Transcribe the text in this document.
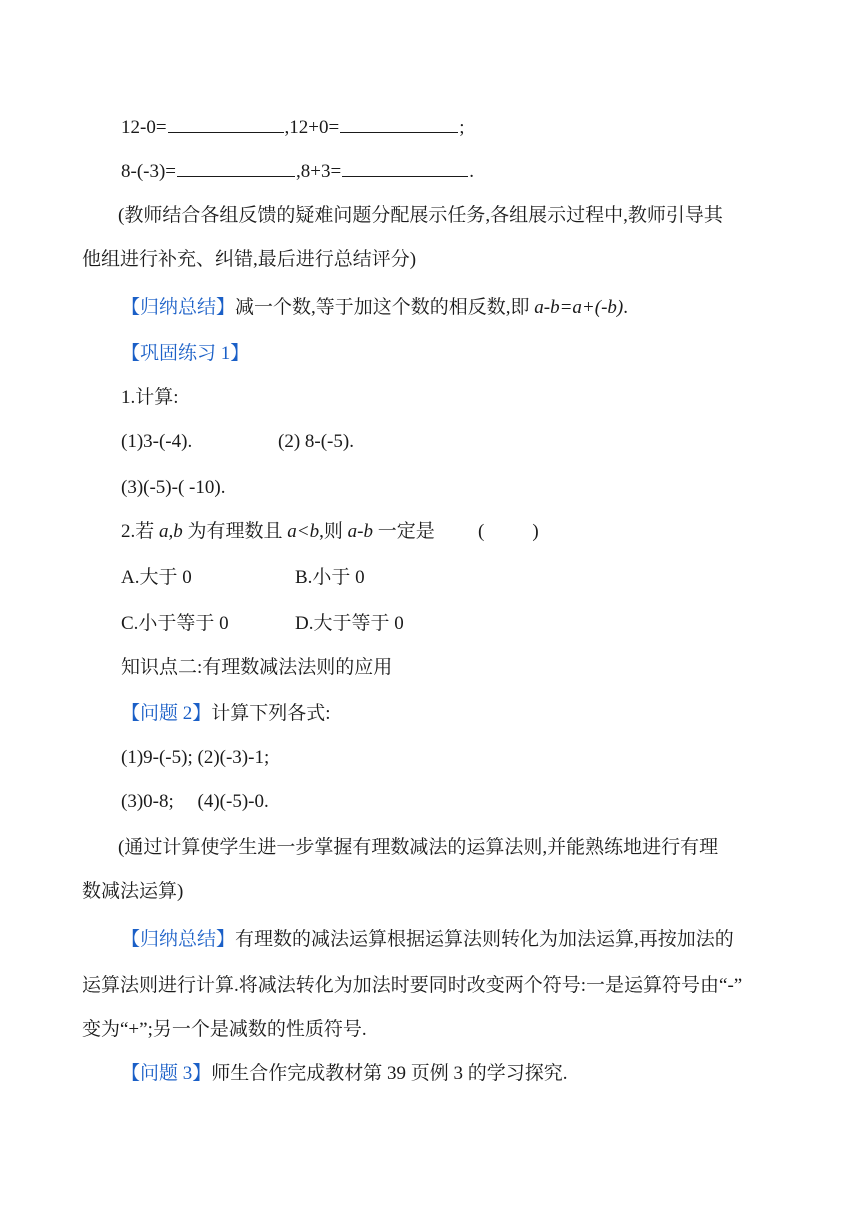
12-0=	,12+0=	;
8-(-3)=	,8+3=	.
(教师结合各组反馈的疑难问题分配展示任务,各组展示过程中,教师引导其
他组进行补充、纠错,最后进行总结评分)
【归纳总结】减一个数,等于加这个数的相反数,即 a-b=a+(-b).
【巩固练习 1】
1.计算:
(1)3-(-4).	(2) 8-(-5).
(3)(-5)-( -10).
2.若 a,b 为有理数且 a<b,则 a-b 一定是 (	)
A.大于 0	B.小于 0
C.小于等于 0	D.大于等于 0
知识点二:有理数减法法则的应用
【问题 2】计算下列各式:
(1)9-(-5); (2)(-3)-1;
(3)0-8;     (4)(-5)-0.
(通过计算使学生进一步掌握有理数减法的运算法则,并能熟练地进行有理
数减法运算)
【归纳总结】有理数的减法运算根据运算法则转化为加法运算,再按加法的
运算法则进行计算.将减法转化为加法时要同时改变两个符号:一是运算符号由“-”
变为“+”;另一个是减数的性质符号.
【问题 3】师生合作完成教材第 39 页例 3 的学习探究.
